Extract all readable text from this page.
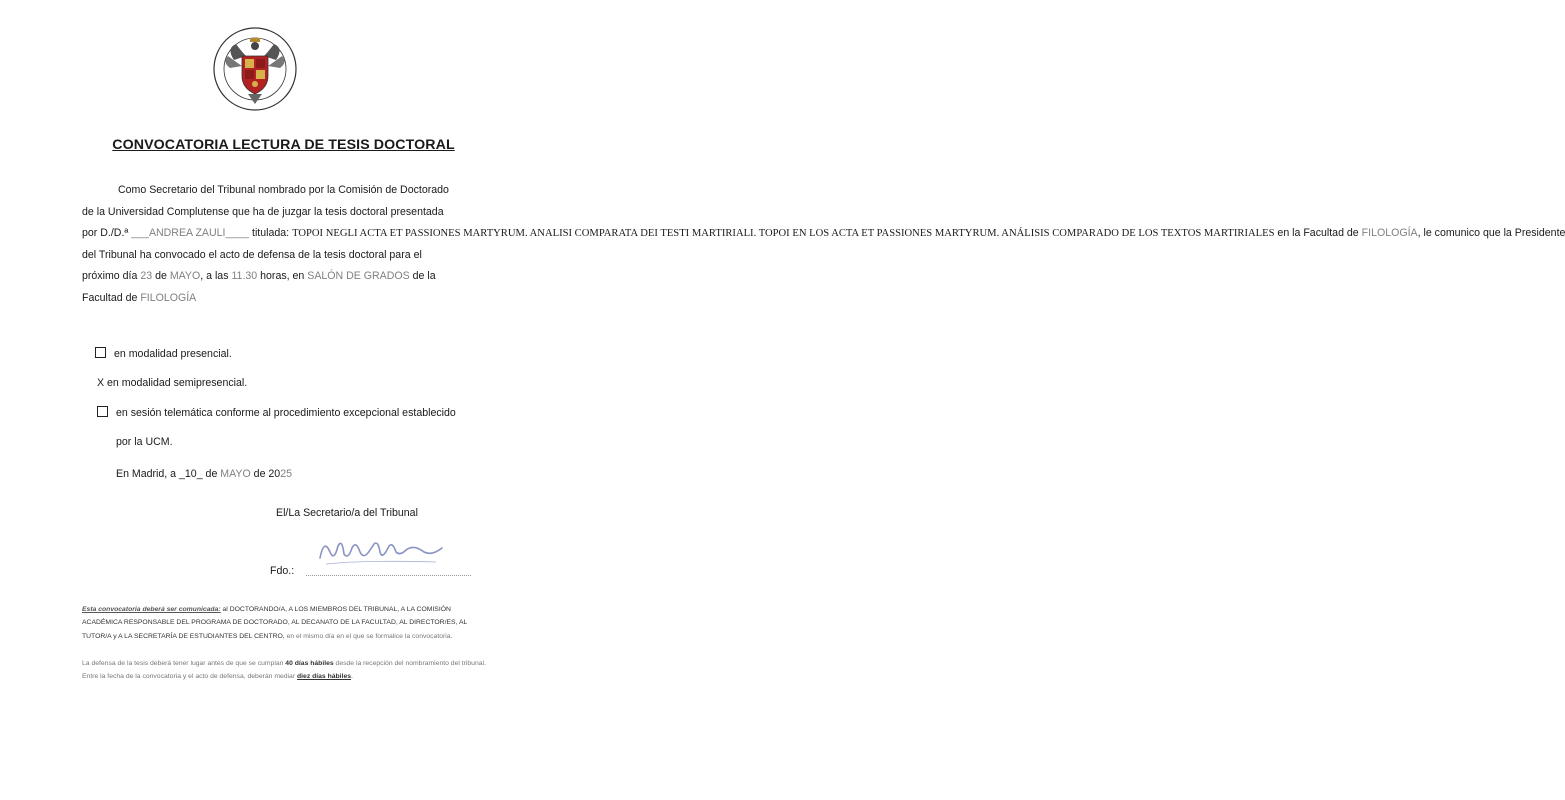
CONVOCATORIA LECTURA DE TESIS DOCTORAL
Como Secretario del Tribunal nombrado por la Comisión de Doctorado
de la Universidad Complutense que ha de juzgar la tesis doctoral presentada
por D./D.ª ___ANDREA ZAULI____ titulada: TOPOI NEGLI ACTA ET PASSIONES MARTYRUM. ANALISI COMPARATA DEI TESTI MARTIRIALI. TOPOI EN LOS ACTA ET PASSIONES MARTYRUM. ANÁLISIS COMPARADO DE LOS TEXTOS MARTIRIALES en la Facultad de FILOLOGÍA, le comunico que la Presidente
del Tribunal ha convocado el acto de defensa de la tesis doctoral para el
próximo día 23 de MAYO, a las 11.30 horas, en SALÓN DE GRADOS de la
Facultad de FILOLOGÍA
en modalidad presencial.
X en modalidad semipresencial.
en sesión telemática conforme al procedimiento excepcional establecido
por la UCM.
En Madrid, a _10_ de MAYO de 2025
El/La Secretario/a del Tribunal
Fdo.:
Esta convocatoria deberá ser comunicada: al DOCTORANDO/A, A LOS MIEMBROS DEL TRIBUNAL, A LA COMISIÓN ACADÉMICA RESPONSABLE DEL PROGRAMA DE DOCTORADO, AL DECANATO DE LA FACULTAD, AL DIRECTOR/ES, AL TUTOR/A y A LA SECRETARÍA DE ESTUDIANTES DEL CENTRO, en el mismo día en el que se formalice la convocatoria.
La defensa de la tesis deberá tener lugar antes de que se cumplan 40 días hábiles desde la recepción del nombramiento del tribunal. Entre la fecha de la convocatoria y el acto de defensa, deberán mediar diez días hábiles.
